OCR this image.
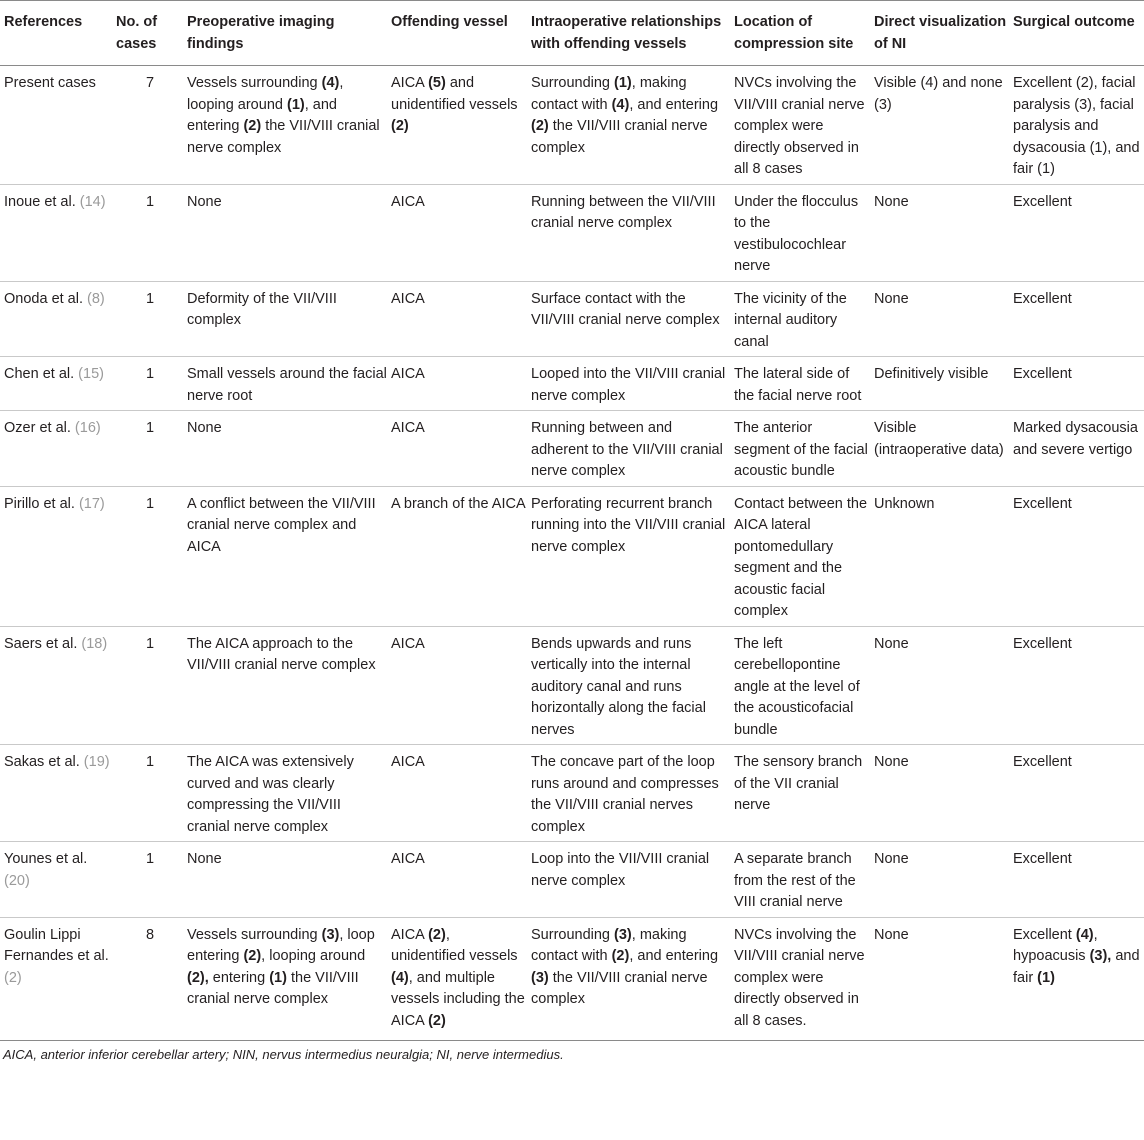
References	No. of cases	Preoperative imaging findings	Offending vessel	Intraoperative relationships with offending vessels	Location of compression site	Direct visualization of NI	Surgical outcome
Present cases	7	Vessels surrounding (4), looping around (1), and entering (2) the VII/VIII cranial nerve complex	AICA (5) and unidentified vessels (2)	Surrounding (1), making contact with (4), and entering (2) the VII/VIII cranial nerve complex	NVCs involving the VII/VIII cranial nerve complex were directly observed in all 8 cases	Visible (4) and none (3)	Excellent (2), facial paralysis (3), facial paralysis and dysacousia (1), and fair (1)
Inoue et al. (14)	1	None	AICA	Running between the VII/VIII cranial nerve complex	Under the flocculus to the vestibulocochlear nerve	None	Excellent
Onoda et al. (8)	1	Deformity of the VII/VIII complex	AICA	Surface contact with the VII/VIII cranial nerve complex	The vicinity of the internal auditory canal	None	Excellent
Chen et al. (15)	1	Small vessels around the facial nerve root	AICA	Looped into the VII/VIII cranial nerve complex	The lateral side of the facial nerve root	Definitively visible	Excellent
Ozer et al. (16)	1	None	AICA	Running between and adherent to the VII/VIII cranial nerve complex	The anterior segment of the facial acoustic bundle	Visible (intraoperative data)	Marked dysacousia and severe vertigo
Pirillo et al. (17)	1	A conflict between the VII/VIII cranial nerve complex and AICA	A branch of the AICA	Perforating recurrent branch running into the VII/VIII cranial nerve complex	Contact between the AICA lateral pontomedullary segment and the acoustic facial complex	Unknown	Excellent
Saers et al. (18)	1	The AICA approach to the VII/VIII cranial nerve complex	AICA	Bends upwards and runs vertically into the internal auditory canal and runs horizontally along the facial nerves	The left cerebellopontine angle at the level of the acousticofacial bundle	None	Excellent
Sakas et al. (19)	1	The AICA was extensively curved and was clearly compressing the VII/VIII cranial nerve complex	AICA	The concave part of the loop runs around and compresses the VII/VIII cranial nerves complex	The sensory branch of the VII cranial nerve	None	Excellent
Younes et al. (20)	1	None	AICA	Loop into the VII/VIII cranial nerve complex	A separate branch from the rest of the VIII cranial nerve	None	Excellent
Goulin Lippi Fernandes et al. (2)	8	Vessels surrounding (3), loop entering (2), looping around (2), entering (1) the VII/VIII cranial nerve complex	AICA (2), unidentified vessels (4), and multiple vessels including the AICA (2)	Surrounding (3), making contact with (2), and entering (3) the VII/VIII cranial nerve complex	NVCs involving the VII/VIII cranial nerve complex were directly observed in all 8 cases.	None	Excellent (4), hypoacusis (3), and fair (1)
AICA, anterior inferior cerebellar artery; NIN, nervus intermedius neuralgia; NI, nerve intermedius.
